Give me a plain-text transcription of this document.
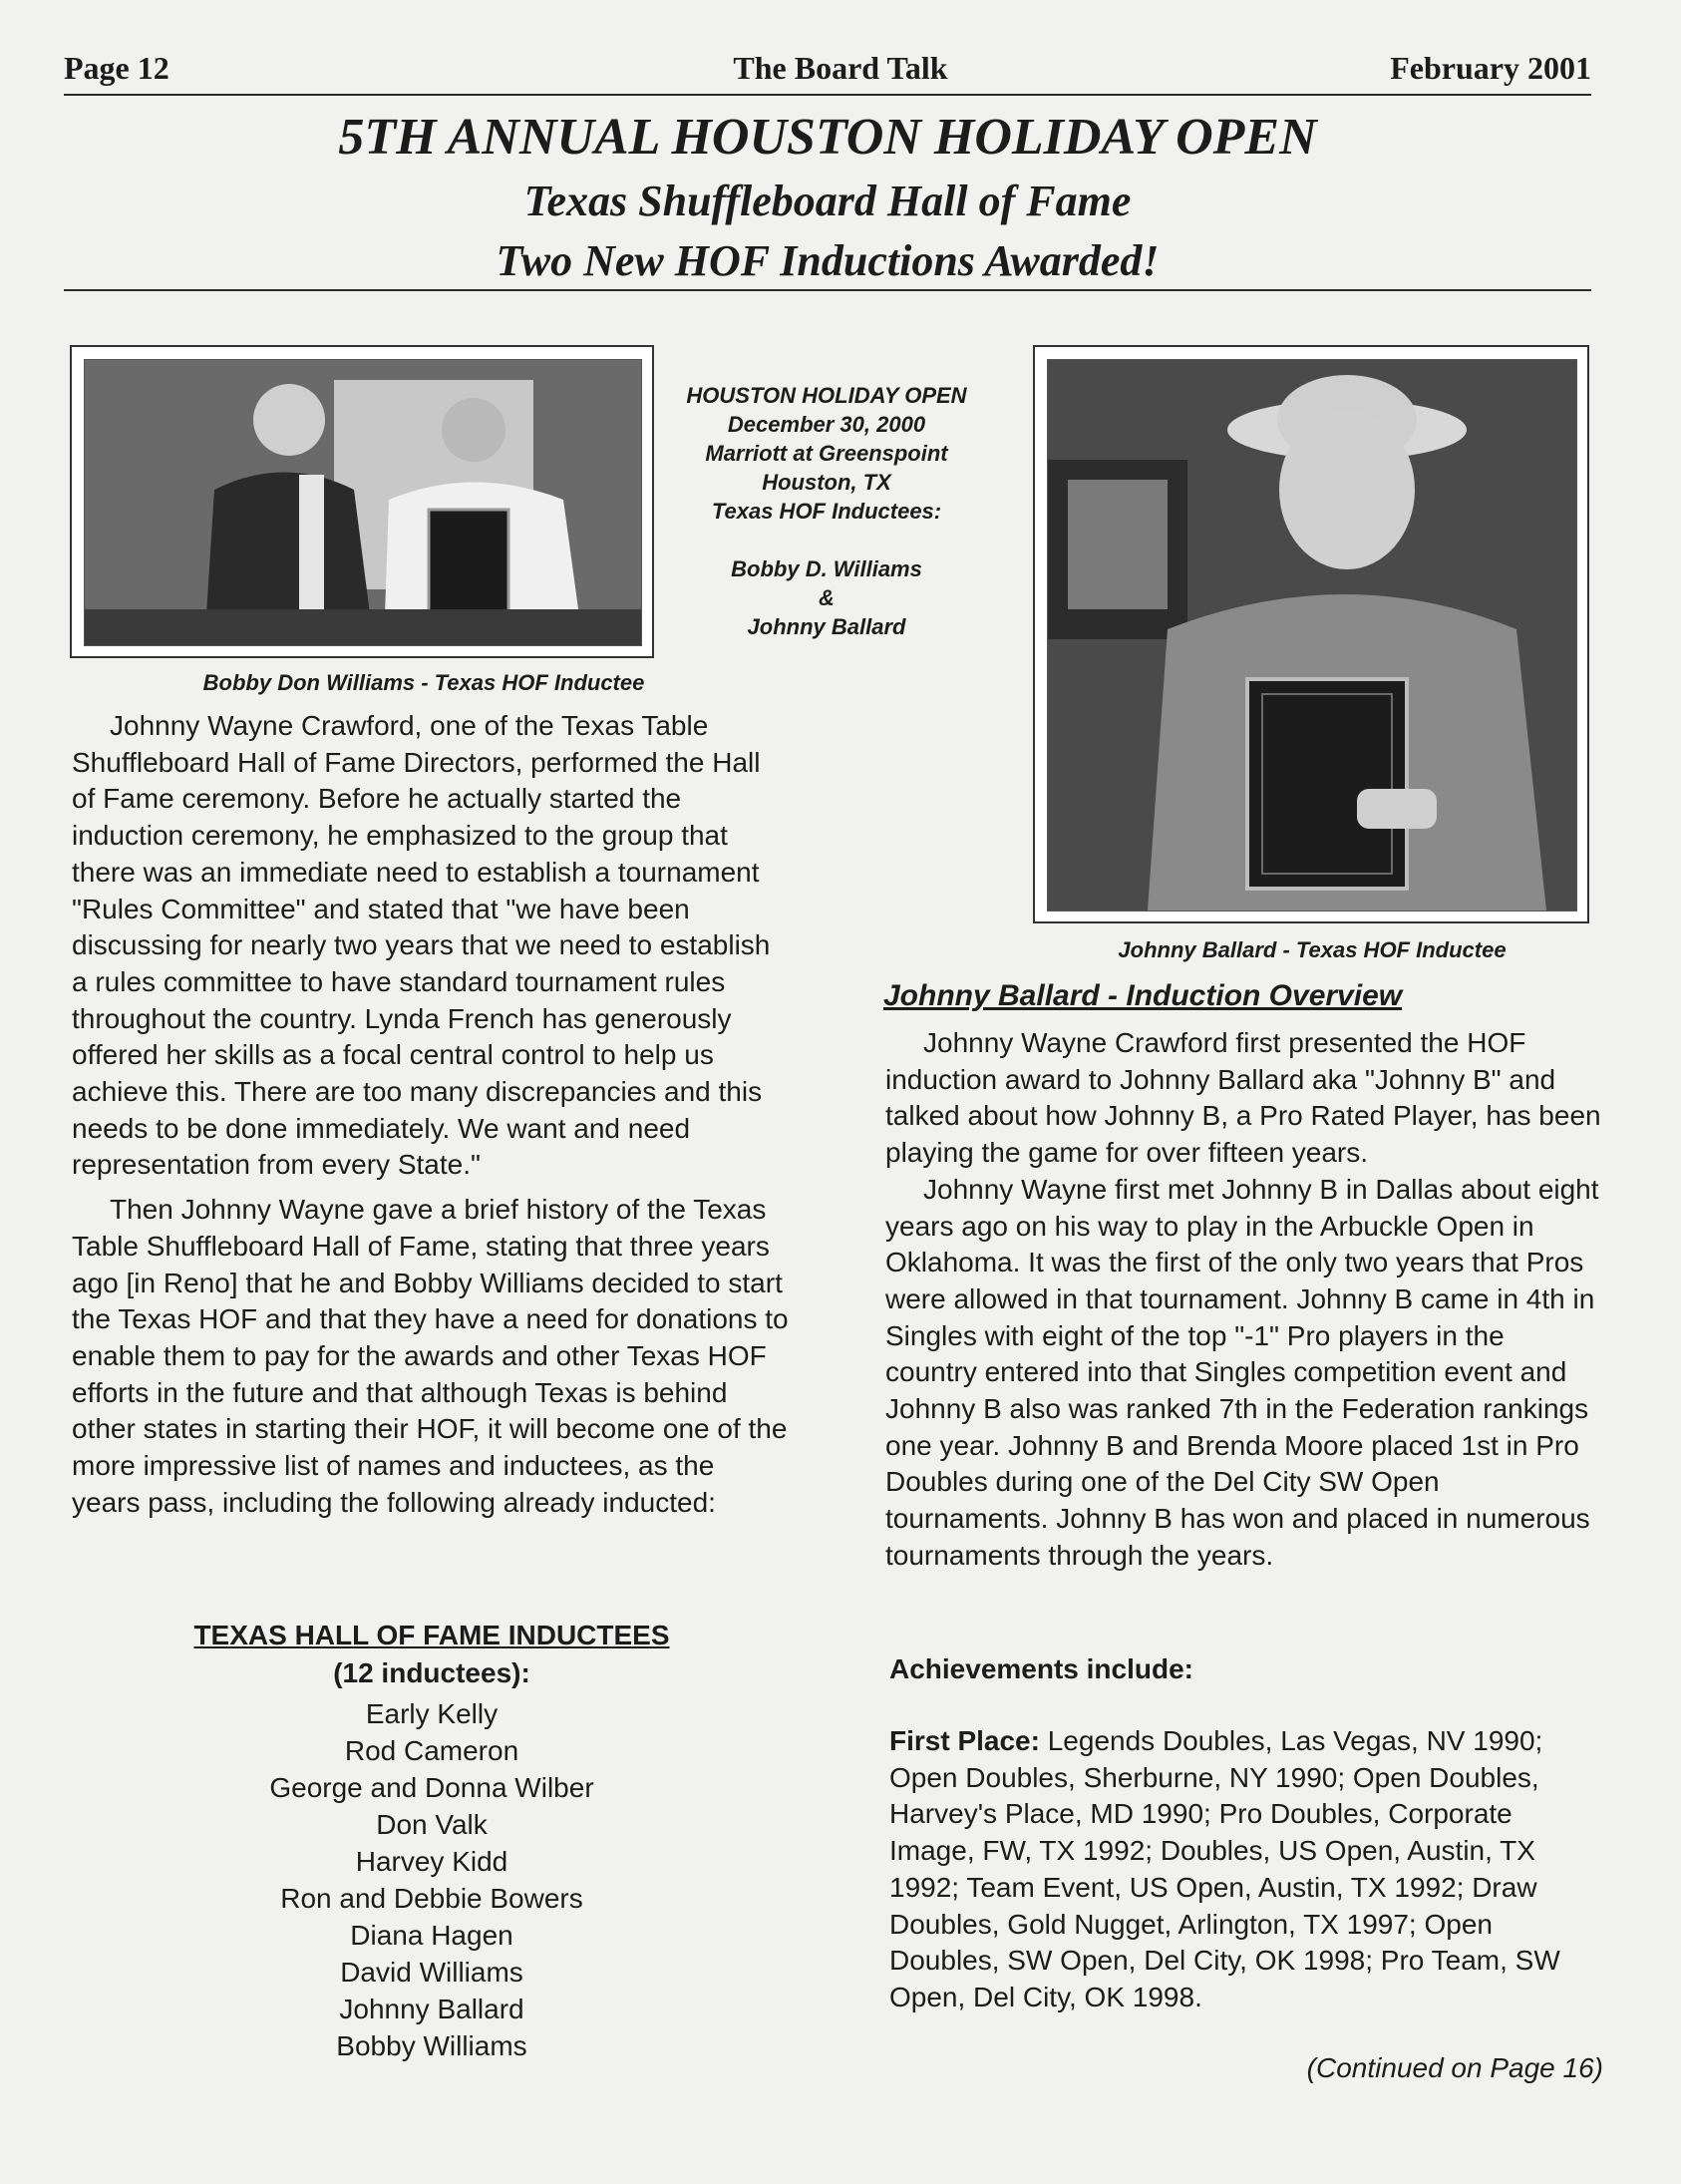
Page 12	The Board Talk	February 2001
5TH ANNUAL HOUSTON HOLIDAY OPEN
Texas Shuffleboard Hall of Fame
Two New HOF Inductions Awarded!
Bobby Don Williams - Texas HOF Inductee
HOUSTON HOLIDAY OPEN
December 30, 2000
Marriott at Greenspoint
Houston, TX
Texas HOF Inductees:
Bobby D. Williams
&
Johnny Ballard
Johnny Ballard - Texas HOF Inductee

Johnny Wayne Crawford, one of the Texas Table Shuffleboard Hall of Fame Directors, performed the Hall of Fame ceremony. Before he actually started the induction ceremony, he emphasized to the group that there was an immediate need to establish a tournament "Rules Committee" and stated that "we have been discussing for nearly two years that we need to establish a rules committee to have standard tournament rules throughout the country. Lynda French has generously offered her skills as a focal central control to help us achieve this. There are too many discrepancies and this needs to be done immediately. We want and need representation from every State."

Then Johnny Wayne gave a brief history of the Texas Table Shuffleboard Hall of Fame, stating that three years ago [in Reno] that he and Bobby Williams decided to start the Texas HOF and that they have a need for donations to enable them to pay for the awards and other Texas HOF efforts in the future and that although Texas is behind other states in starting their HOF, it will become one of the more impressive list of names and inductees, as the years pass, including the following already inducted:

TEXAS HALL OF FAME INDUCTEES
(12 inductees):
Early Kelly
Rod Cameron
George and Donna Wilber
Don Valk
Harvey Kidd
Ron and Debbie Bowers
Diana Hagen
David Williams
Johnny Ballard
Bobby Williams
Johnny Ballard - Induction Overview

Johnny Wayne Crawford first presented the HOF induction award to Johnny Ballard aka "Johnny B" and talked about how Johnny B, a Pro Rated Player, has been playing the game for over fifteen years.

Johnny Wayne first met Johnny B in Dallas about eight years ago on his way to play in the Arbuckle Open in Oklahoma. It was the first of the only two years that Pros were allowed in that tournament. Johnny B came in 4th in Singles with eight of the top "-1" Pro players in the country entered into that Singles competition event and Johnny B also was ranked 7th in the Federation rankings one year. Johnny B and Brenda Moore placed 1st in Pro Doubles during one of the Del City SW Open tournaments. Johnny B has won and placed in numerous tournaments through the years.

Achievements include:
First Place: Legends Doubles, Las Vegas, NV 1990; Open Doubles, Sherburne, NY 1990; Open Doubles, Harvey's Place, MD 1990; Pro Doubles, Corporate Image, FW, TX 1992; Doubles, US Open, Austin, TX 1992; Team Event, US Open, Austin, TX 1992; Draw Doubles, Gold Nugget, Arlington, TX 1997; Open Doubles, SW Open, Del City, OK 1998; Pro Team, SW Open, Del City, OK 1998.
(Continued on Page 16)
